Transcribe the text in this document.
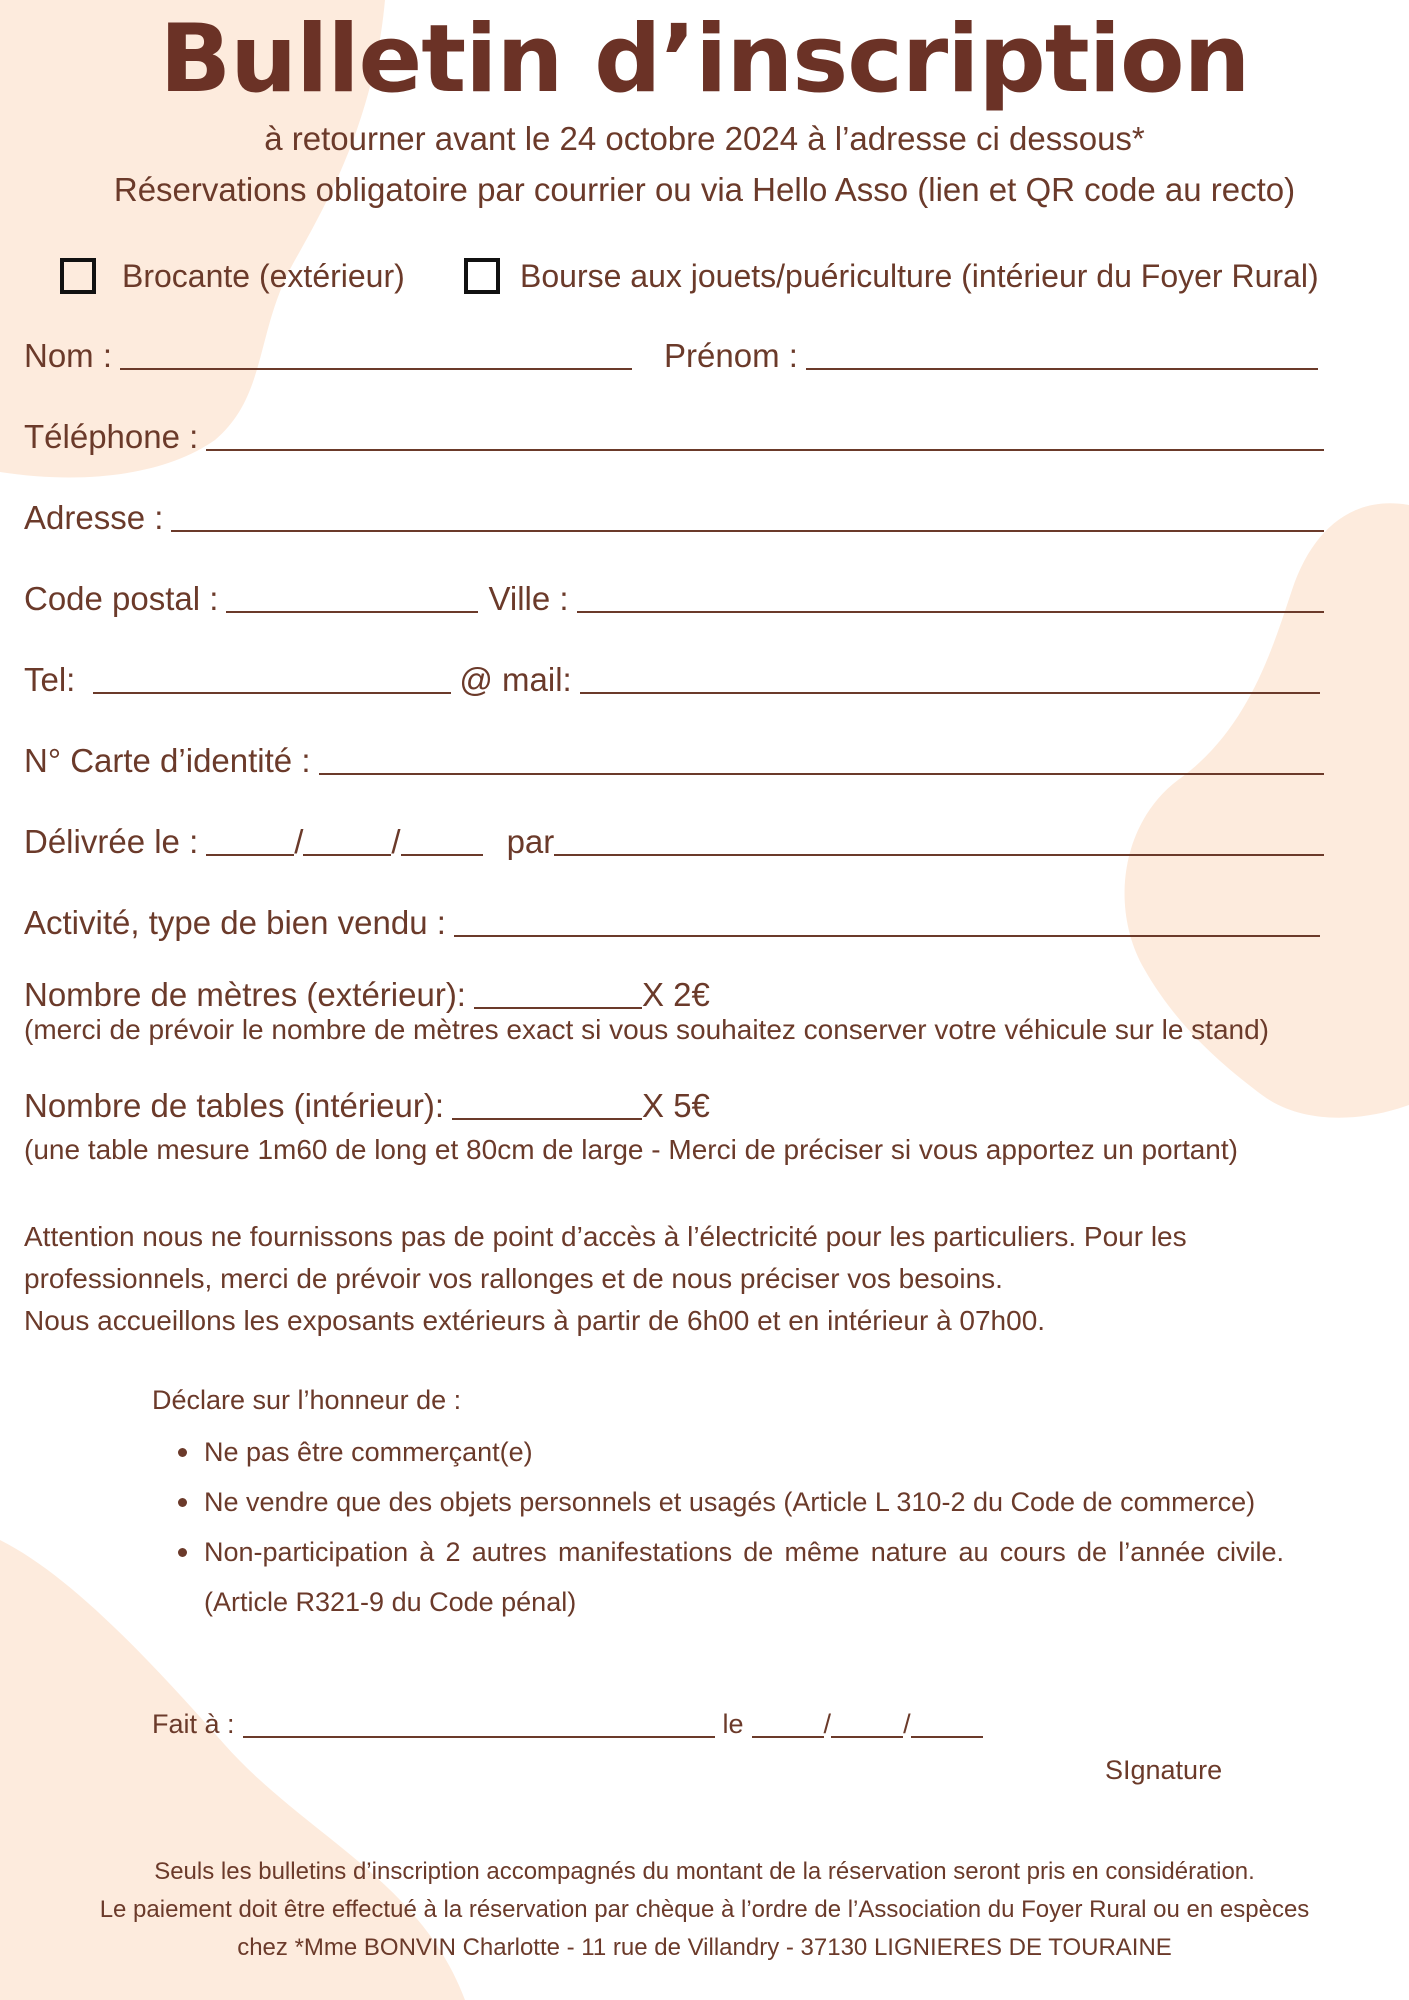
Bulletin d’inscription
à retourner avant le 24 octobre 2024 à l’adresse ci dessous*
Réservations obligatoire par courrier ou via Hello Asso (lien et QR code au recto)
Brocante (extérieur)	Bourse aux jouets/puériculture (intérieur du Foyer Rural)
Nom :	Prénom :
Téléphone :
Adresse :
Code postal :	Ville :
Tel:	@ mail:
N° Carte d’identité :
Délivrée le :	/	/	par
Activité, type de bien vendu :
Nombre de mètres (extérieur):	X 2€
(merci de prévoir le nombre de mètres exact si vous souhaitez conserver votre véhicule sur le stand)
Nombre de tables (intérieur):	X 5€
(une table mesure 1m60 de long et 80cm de large - Merci de préciser si vous apportez un portant)

Attention nous ne fournissons pas de point d’accès à l’électricité pour les particuliers. Pour les professionnels, merci de prévoir vos rallonges et de nous préciser vos besoins.

Nous accueillons les exposants extérieurs à partir de 6h00 et en intérieur à 07h00.

Déclare sur l’honneur de :
Ne pas être commerçant(e)
Ne vendre que des objets personnels et usagés (Article L 310-2 du Code de commerce)
Non-participation à 2 autres manifestations de même nature au cours de l’année civile. (Article R321-9 du Code pénal)
Fait à :	le	/	/
SIgnature
Seuls les bulletins d’inscription accompagnés du montant de la réservation seront pris en considération.
Le paiement doit être effectué à la réservation par chèque à l’ordre de l’Association du Foyer Rural ou en espèces
chez *Mme BONVIN Charlotte - 11 rue de Villandry - 37130 LIGNIERES DE TOURAINE
